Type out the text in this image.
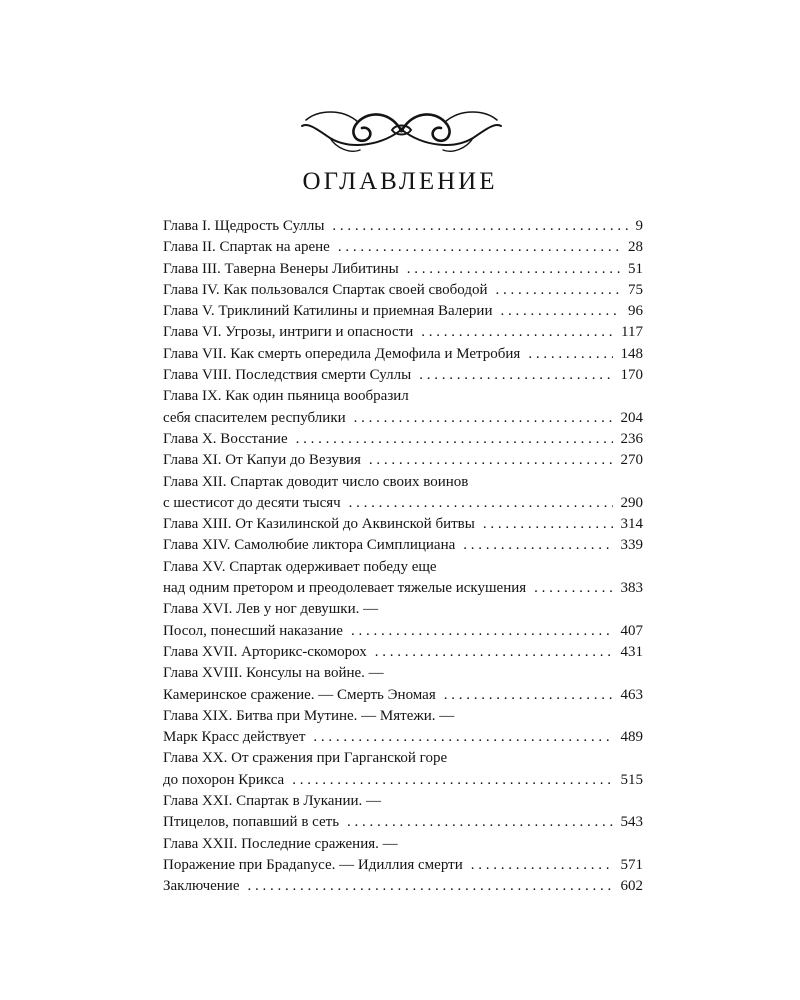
ОГЛАВЛЕНИЕ
Глава I. Щедрость Суллы . . .	9
Глава II. Спартак на арене . . .	28
Глава III. Таверна Венеры Либитины . . .	51
Глава IV. Как пользовался Спартак своей свободой . . .	75
Глава V. Триклиний Катилины и приемная Валерии . . .	96
Глава VI. Угрозы, интриги и опасности . . .	117
Глава VII. Как смерть опередила Демофила и Метробия . . .	148
Глава VIII. Последствия смерти Суллы . . .	170
Глава IX. Как один пьяница вообразил
себя спасителем республики . . .	204
Глава X. Восстание . . .	236
Глава XI. От Капуи до Везувия . . .	270
Глава XII. Спартак доводит число своих воинов
с шестисот до десяти тысяч . . .	290
Глава XIII. От Казилинской до Аквинской битвы . . .	314
Глава XIV. Самолюбие ликтора Симплициана . . .	339
Глава XV. Спартак одерживает победу еще
над одним претором и преодолевает тяжелые искушения . . .	383
Глава XVI. Лев у ног девушки. —
Посол, понесший наказание . . .	407
Глава XVII. Арторикс-скоморох . . .	431
Глава XVIII. Консулы на войне. —
Камеринское сражение. — Смерть Эномая . . .	463
Глава XIX. Битва при Мутине. — Мятежи. —
Марк Красс действует . . .	489
Глава XX. От сражения при Гарганской горе
до похорон Крикса . . .	515
Глава XXI. Спартак в Лукании. —
Птицелов, попавший в сеть . . .	543
Глава XXII. Последние сражения. —
Поражение при Брадanусе. — Идиллия смерти . . .	571
Заключение . . .	602
